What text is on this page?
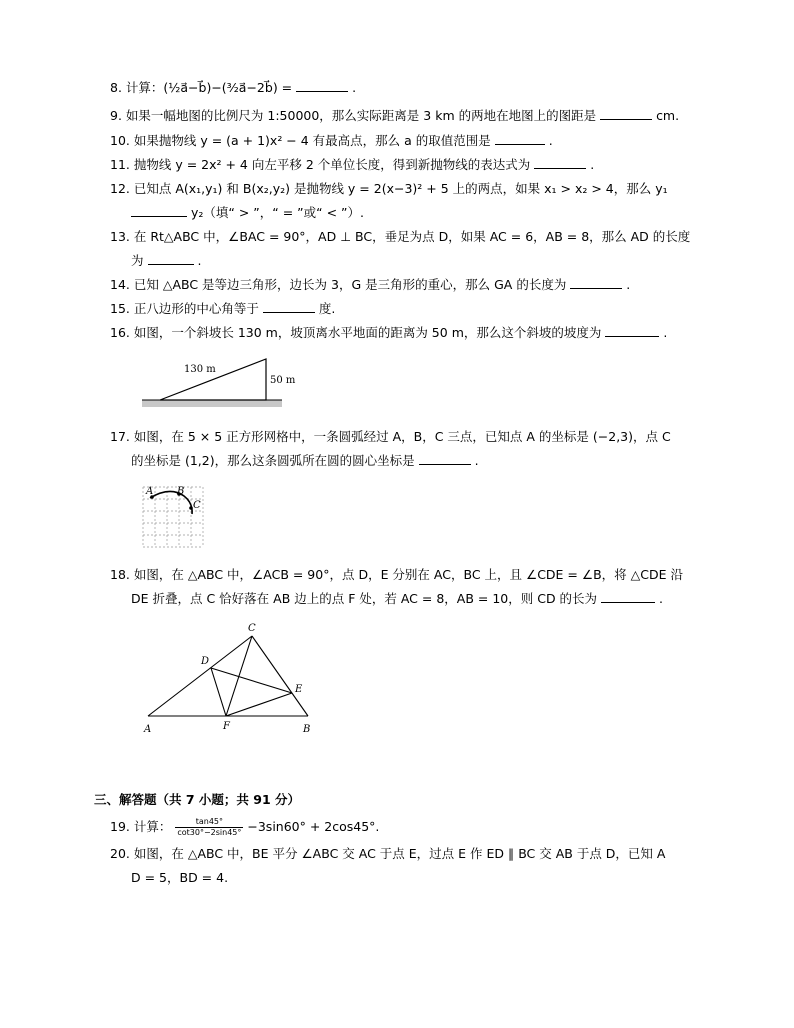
8. 计算：(½a⃗−b⃗)−(³⁄₂a⃗−2b⃗) =	.
9. 如果一幅地图的比例尺为 1:50000，那么实际距离是 3 km 的两地在地图上的图距是	cm.
10. 如果抛物线 y = (a + 1)x² − 4 有最高点，那么 a 的取值范围是	.
11. 抛物线 y = 2x² + 4 向左平移 2 个单位长度，得到新抛物线的表达式为	.
12. 已知点 A(x₁,y₁) 和 B(x₂,y₂) 是抛物线 y = 2(x−3)² + 5 上的两点，如果 x₁ > x₂ > 4，那么 y₁
y₂（填“ > ”，“ = ”或“ < ”）.
13. 在 Rt△ABC 中，∠BAC = 90°，AD ⊥ BC，垂足为点 D，如果 AC = 6，AB = 8，那么 AD 的长度
为	.
14. 已知 △ABC 是等边三角形，边长为 3，G 是三角形的重心，那么 GA 的长度为	.
15. 正八边形的中心角等于	度.
16. 如图，一个斜坡长 130 m，坡顶离水平地面的距离为 50 m，那么这个斜坡的坡度为	.
130 m
50 m
17. 如图，在 5 × 5 正方形网格中，一条圆弧经过 A，B，C 三点，已知点 A 的坐标是 (−2,3)，点 C
的坐标是 (1,2)，那么这条圆弧所在圆的圆心坐标是	.
A B
C
18. 如图，在 △ABC 中，∠ACB = 90°，点 D，E 分别在 AC，BC 上，且 ∠CDE = ∠B，将 △CDE 沿
DE 折叠，点 C 恰好落在 AB 边上的点 F 处，若 AC = 8，AB = 10，则 CD 的长为	.
C
D
E
A	F	B
三、解答题（共 7 小题；共 91 分）
19. 计算： $\frac{\tan 45^\circ}{\cot 30^\circ-2\sin 45^\circ} -3\sin 60^\circ + 2\cos 45^\circ$.
20. 如图，在 △ABC 中，BE 平分 ∠ABC 交 AC 于点 E，过点 E 作 ED ∥ BC 交 AB 于点 D，已知 A
D = 5，BD = 4.
